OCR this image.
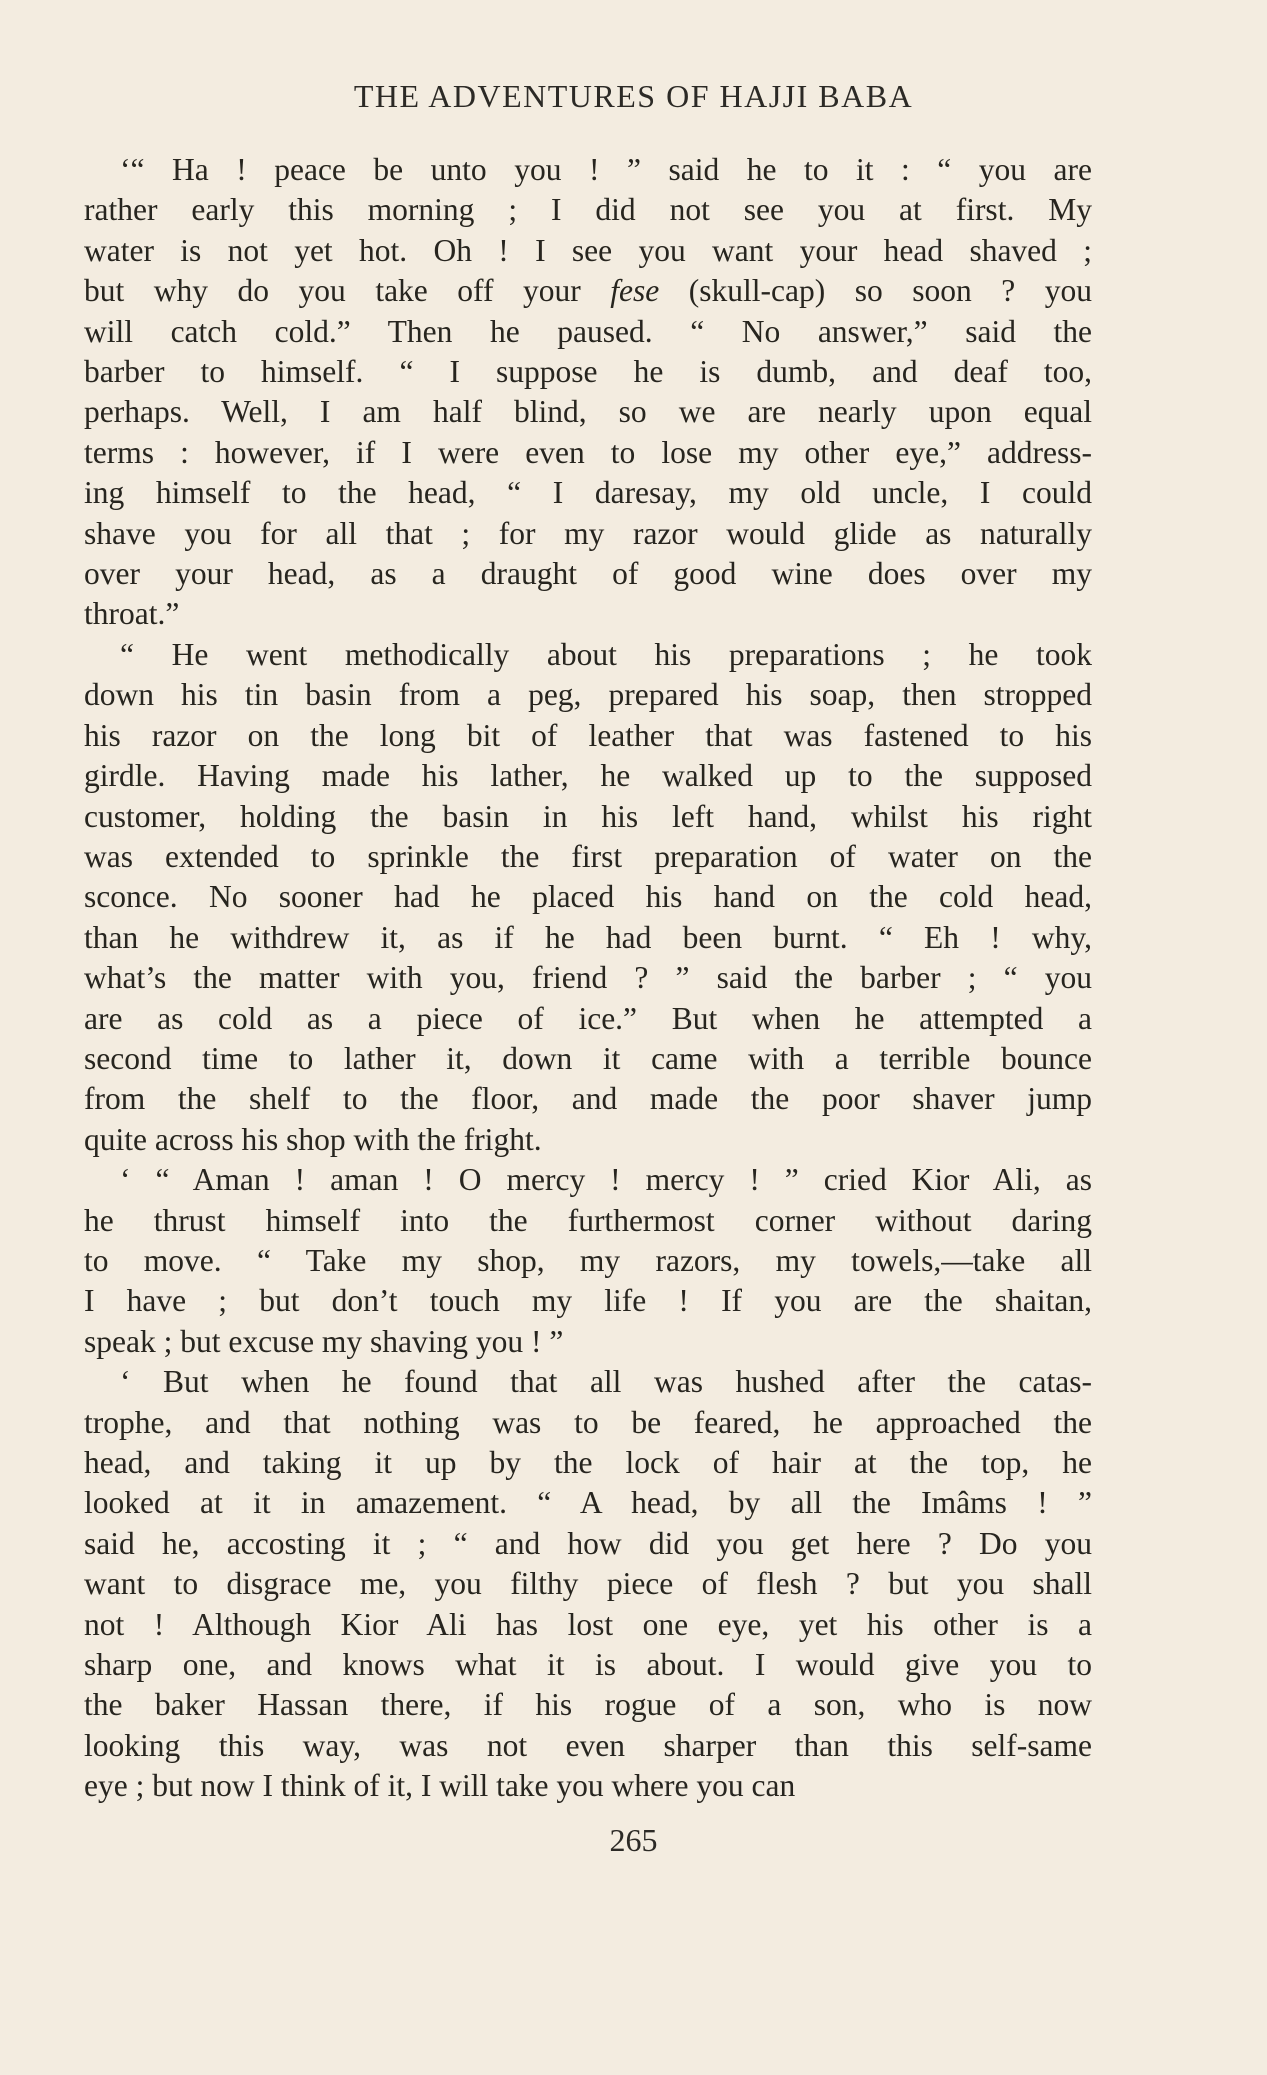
THE ADVENTURES OF HAJJI BABA
‘“ Ha ! peace be unto you ! ” said he to it : “ you are
rather early this morning ; I did not see you at first. My
water is not yet hot. Oh ! I see you want your head shaved ;
but why do you take off your fese (skull-cap) so soon ? you
will catch cold.” Then he paused. “ No answer,” said the
barber to himself. “ I suppose he is dumb, and deaf too,
perhaps. Well, I am half blind, so we are nearly upon equal
terms : however, if I were even to lose my other eye,” address-
ing himself to the head, “ I daresay, my old uncle, I could
shave you for all that ; for my razor would glide as naturally
over your head, as a draught of good wine does over my
throat.”
“ He went methodically about his preparations ; he took
down his tin basin from a peg, prepared his soap, then stropped
his razor on the long bit of leather that was fastened to his
girdle. Having made his lather, he walked up to the supposed
customer, holding the basin in his left hand, whilst his right
was extended to sprinkle the first preparation of water on the
sconce. No sooner had he placed his hand on the cold head,
than he withdrew it, as if he had been burnt. “ Eh ! why,
what’s the matter with you, friend ? ” said the barber ; “ you
are as cold as a piece of ice.” But when he attempted a
second time to lather it, down it came with a terrible bounce
from the shelf to the floor, and made the poor shaver jump
quite across his shop with the fright.
‘ “ Aman ! aman ! O mercy ! mercy ! ” cried Kior Ali, as
he thrust himself into the furthermost corner without daring
to move. “ Take my shop, my razors, my towels,—take all
I have ; but don’t touch my life ! If you are the shaitan,
speak ; but excuse my shaving you ! ”
‘ But when he found that all was hushed after the catas-
trophe, and that nothing was to be feared, he approached the
head, and taking it up by the lock of hair at the top, he
looked at it in amazement. “ A head, by all the Imâms ! ”
said he, accosting it ; “ and how did you get here ? Do you
want to disgrace me, you filthy piece of flesh ? but you shall
not ! Although Kior Ali has lost one eye, yet his other is a
sharp one, and knows what it is about. I would give you to
the baker Hassan there, if his rogue of a son, who is now
looking this way, was not even sharper than this self-same
eye ; but now I think of it, I will take you where you can
265
